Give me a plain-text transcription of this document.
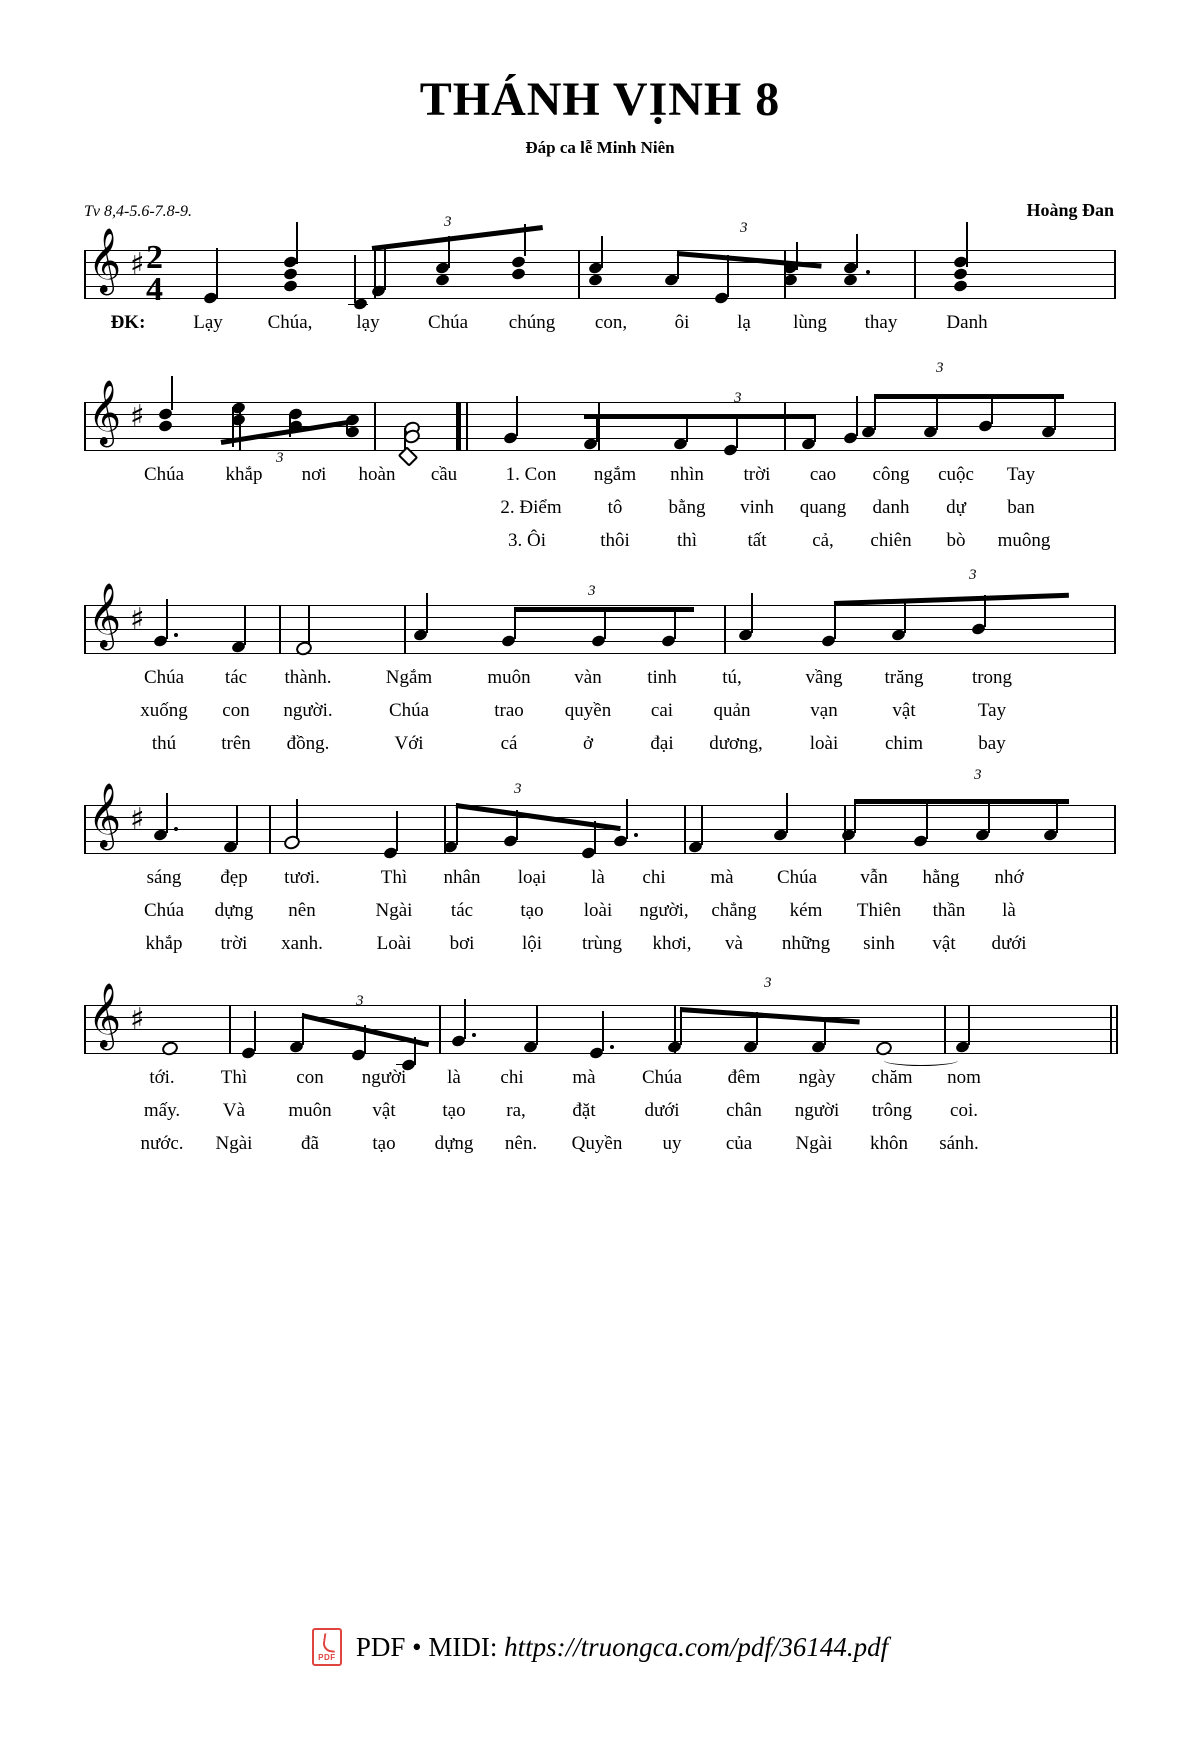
THÁNH VỊNH 8
Đáp ca lễ Minh Niên
Tv 8,4-5.6-7.8-9.	Hoàng Đan
𝄞 ♯ 2
4
3	3
ĐK:	Lạy Chúa, lạy	Chúa chúng con,	ôi	lạ lùng thay	Danh
𝄞 ♯
3
3
3
Chúa khắp nơi hoàn cầu	1. Con ngắm nhìn trời cao công cuộc Tay
2. Điểm tô bằng vinh quang danh dự ban
3. Ôi	thôi thì	tất cả, chiên bò muông
𝄞 ♯
3
3
Chúa tác thành.	Ngắm	muôn vàn tinh tú,	vầng trăng	trong
xuống con người.	Chúa	trao quyền cai quản	vạn	vật	Tay
thú trên đồng.	Với	cá	ở	đại dương, loài chim	bay
𝄞 ♯
3
3
sáng đẹp tươi.	Thì nhân loại là chi mà Chúa vẫn hằng nhớ
Chúa dựng nên	Ngài tác tạo loài người, chẳng kém Thiên thần là
khắp trời xanh.	Loài bơi	lội trùng khơi, và những sinh vật dưới
𝄞 ♯
3
3
tới. Thì	con người là chi	mà Chúa đêm ngày chăm nom
mấy. Và muôn vật tạo ra, đặt	dưới chân người trông coi.
nước. Ngài	đã	tạo dựng nên. Quyền uy của Ngài khôn sánh.
PDF PDF • MIDI: https://truongca.com/pdf/36144.pdf
